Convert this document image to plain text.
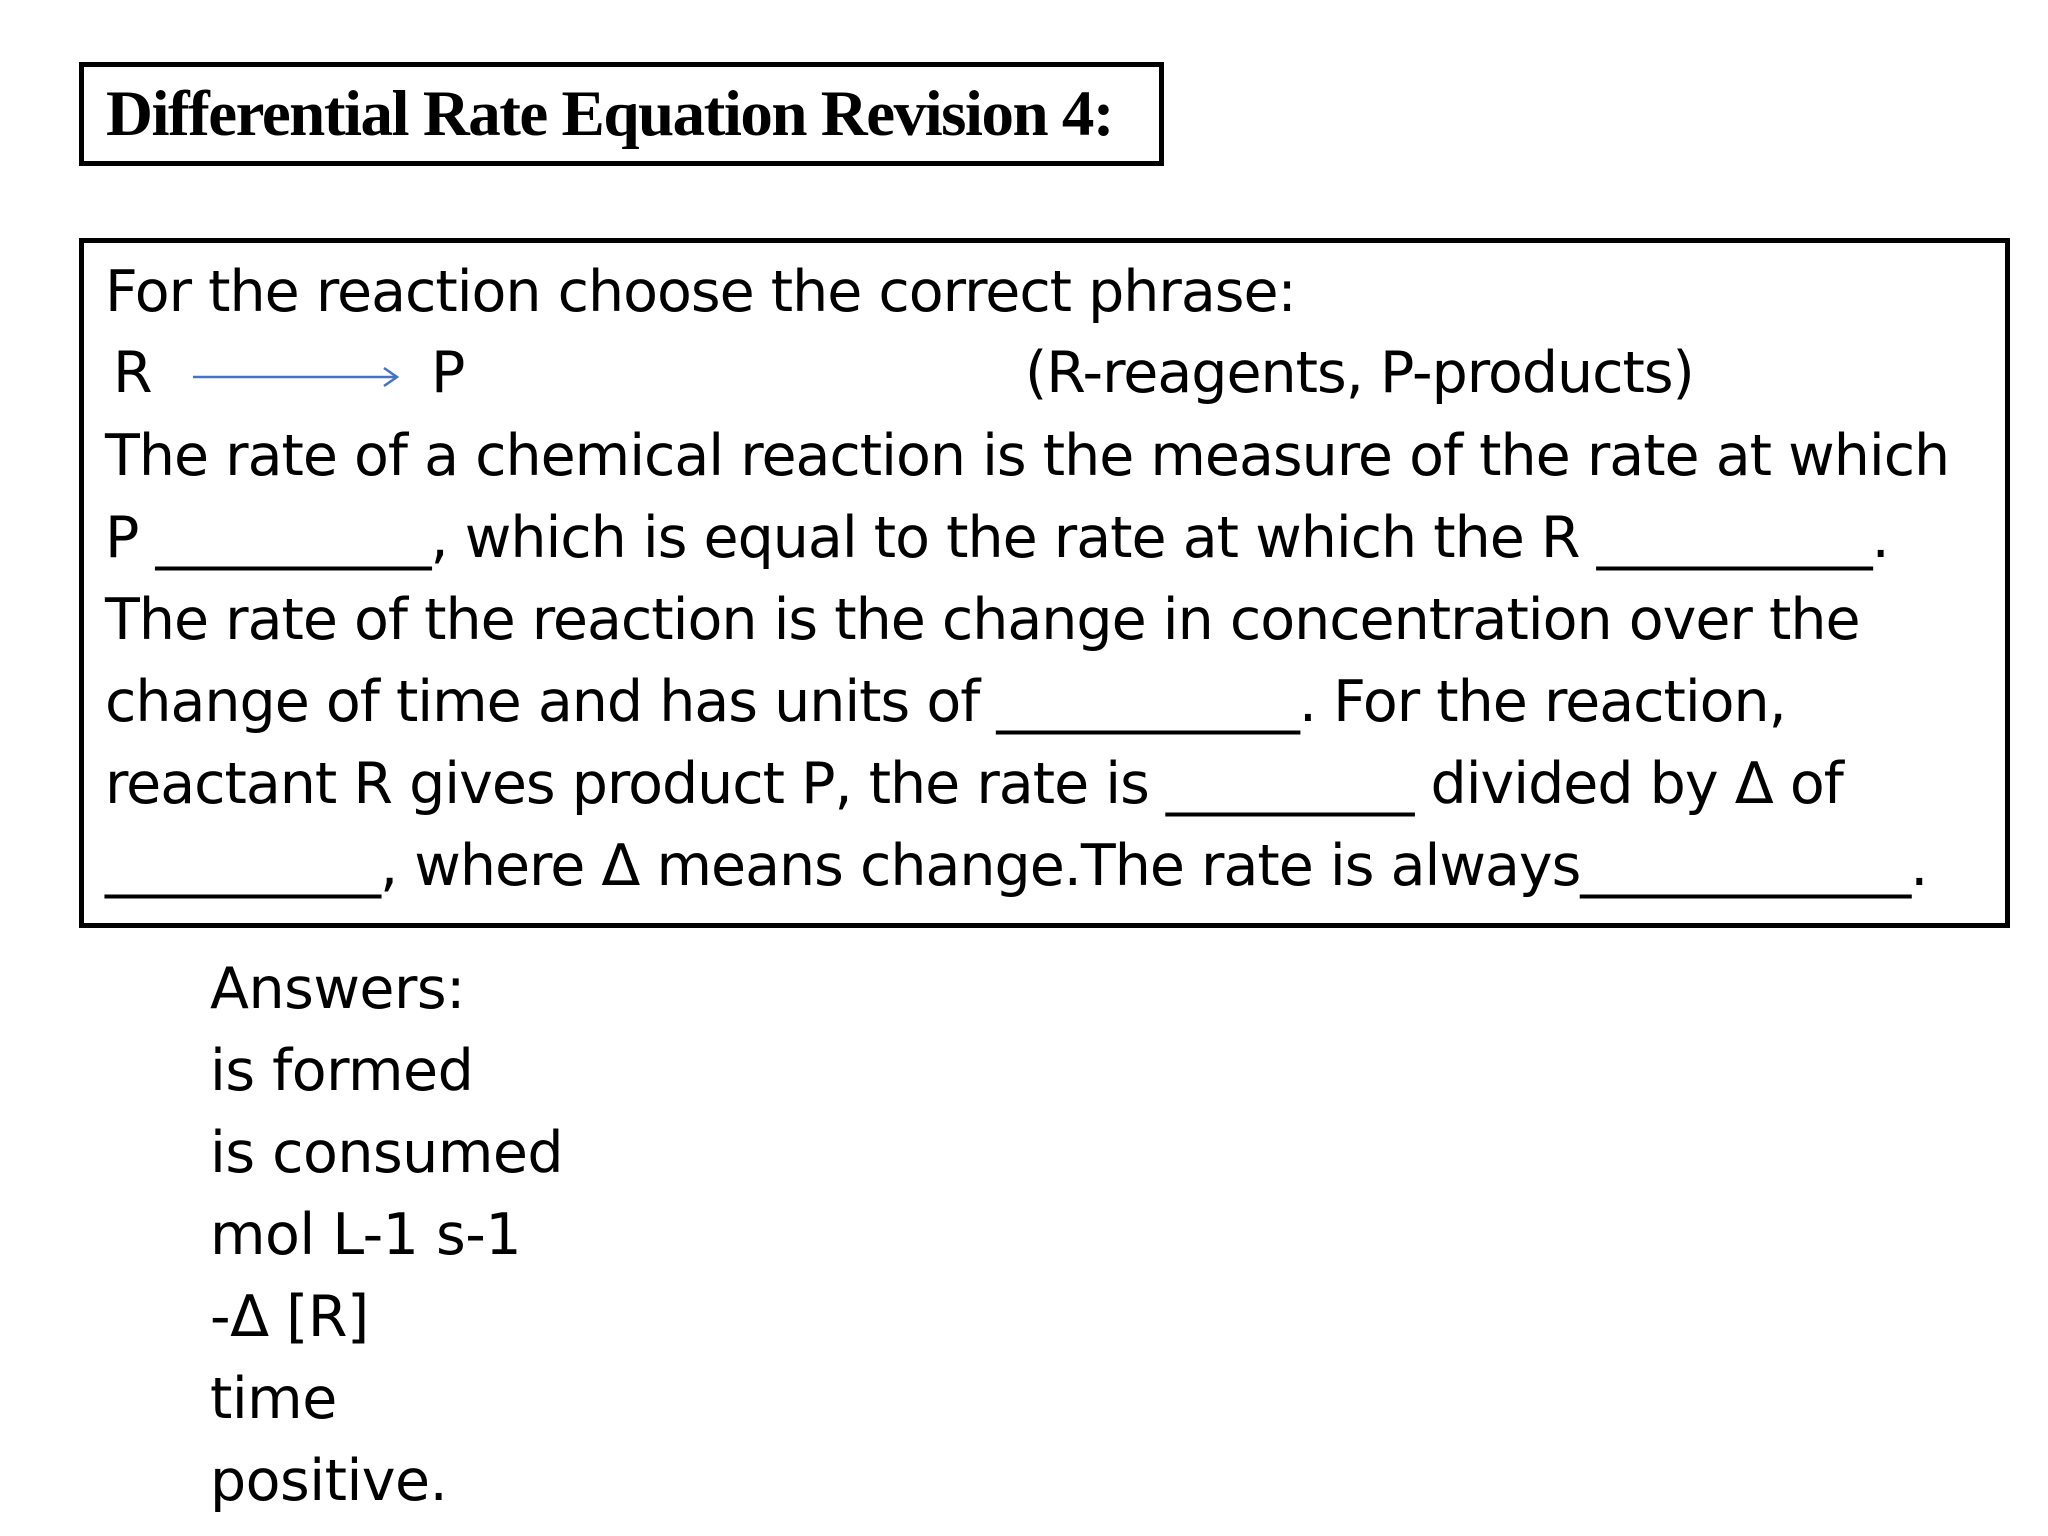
Differential Rate Equation Revision 4:
For the reaction choose the correct phrase:
R	P	(R-reagents, P-products)
The rate of a chemical reaction is the measure of the rate at which
P __________, which is equal to the rate at which the R __________.
The rate of the reaction is the change in concentration over the
change of time and has units of ___________. For the reaction,
reactant R gives product P, the rate is _________ divided by Δ of
__________, where Δ means change.The rate is always____________.
Answers:
is formed
is consumed
mol L-1 s-1
-Δ [R]
time
positive.
